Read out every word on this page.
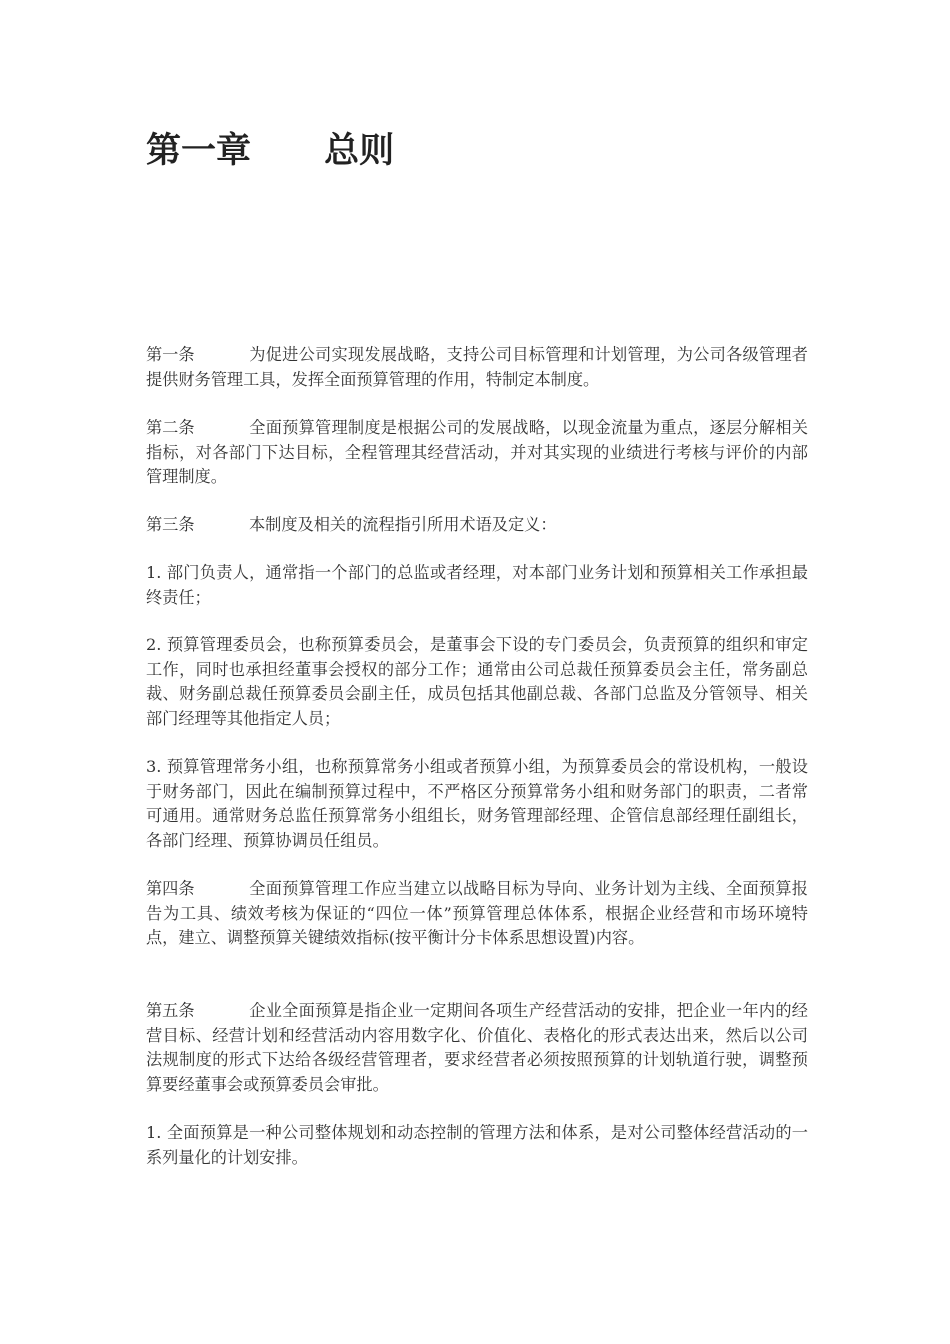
第一章 总则

第一条	为促进公司实现发展战略，支持公司目标管理和计划管理，为公司各级管理者提供财务管理工具，发挥全面预算管理的作用，特制定本制度。

第二条	全面预算管理制度是根据公司的发展战略，以现金流量为重点，逐层分解相关指标，对各部门下达目标，全程管理其经营活动，并对其实现的业绩进行考核与评价的内部管理制度。

第三条	本制度及相关的流程指引所用术语及定义：

1. 部门负责人，通常指一个部门的总监或者经理，对本部门业务计划和预算相关工作承担最终责任；

2. 预算管理委员会，也称预算委员会，是董事会下设的专门委员会，负责预算的组织和审定工作，同时也承担经董事会授权的部分工作；通常由公司总裁任预算委员会主任，常务副总裁、财务副总裁任预算委员会副主任，成员包括其他副总裁、各部门总监及分管领导、相关部门经理等其他指定人员；

3. 预算管理常务小组，也称预算常务小组或者预算小组，为预算委员会的常设机构，一般设于财务部门，因此在编制预算过程中，不严格区分预算常务小组和财务部门的职责，二者常可通用。通常财务总监任预算常务小组组长，财务管理部经理、企管信息部经理任副组长，各部门经理、预算协调员任组员。

第四条	全面预算管理工作应当建立以战略目标为导向、业务计划为主线、全面预算报告为工具、绩效考核为保证的“四位一体”预算管理总体体系，根据企业经营和市场环境特点，建立、调整预算关键绩效指标(按平衡计分卡体系思想设置)内容。

第五条	企业全面预算是指企业一定期间各项生产经营活动的安排，把企业一年内的经营目标、经营计划和经营活动内容用数字化、价值化、表格化的形式表达出来，然后以公司法规制度的形式下达给各级经营管理者，要求经营者必须按照预算的计划轨道行驶，调整预算要经董事会或预算委员会审批。

1. 全面预算是一种公司整体规划和动态控制的管理方法和体系，是对公司整体经营活动的一系列量化的计划安排。
